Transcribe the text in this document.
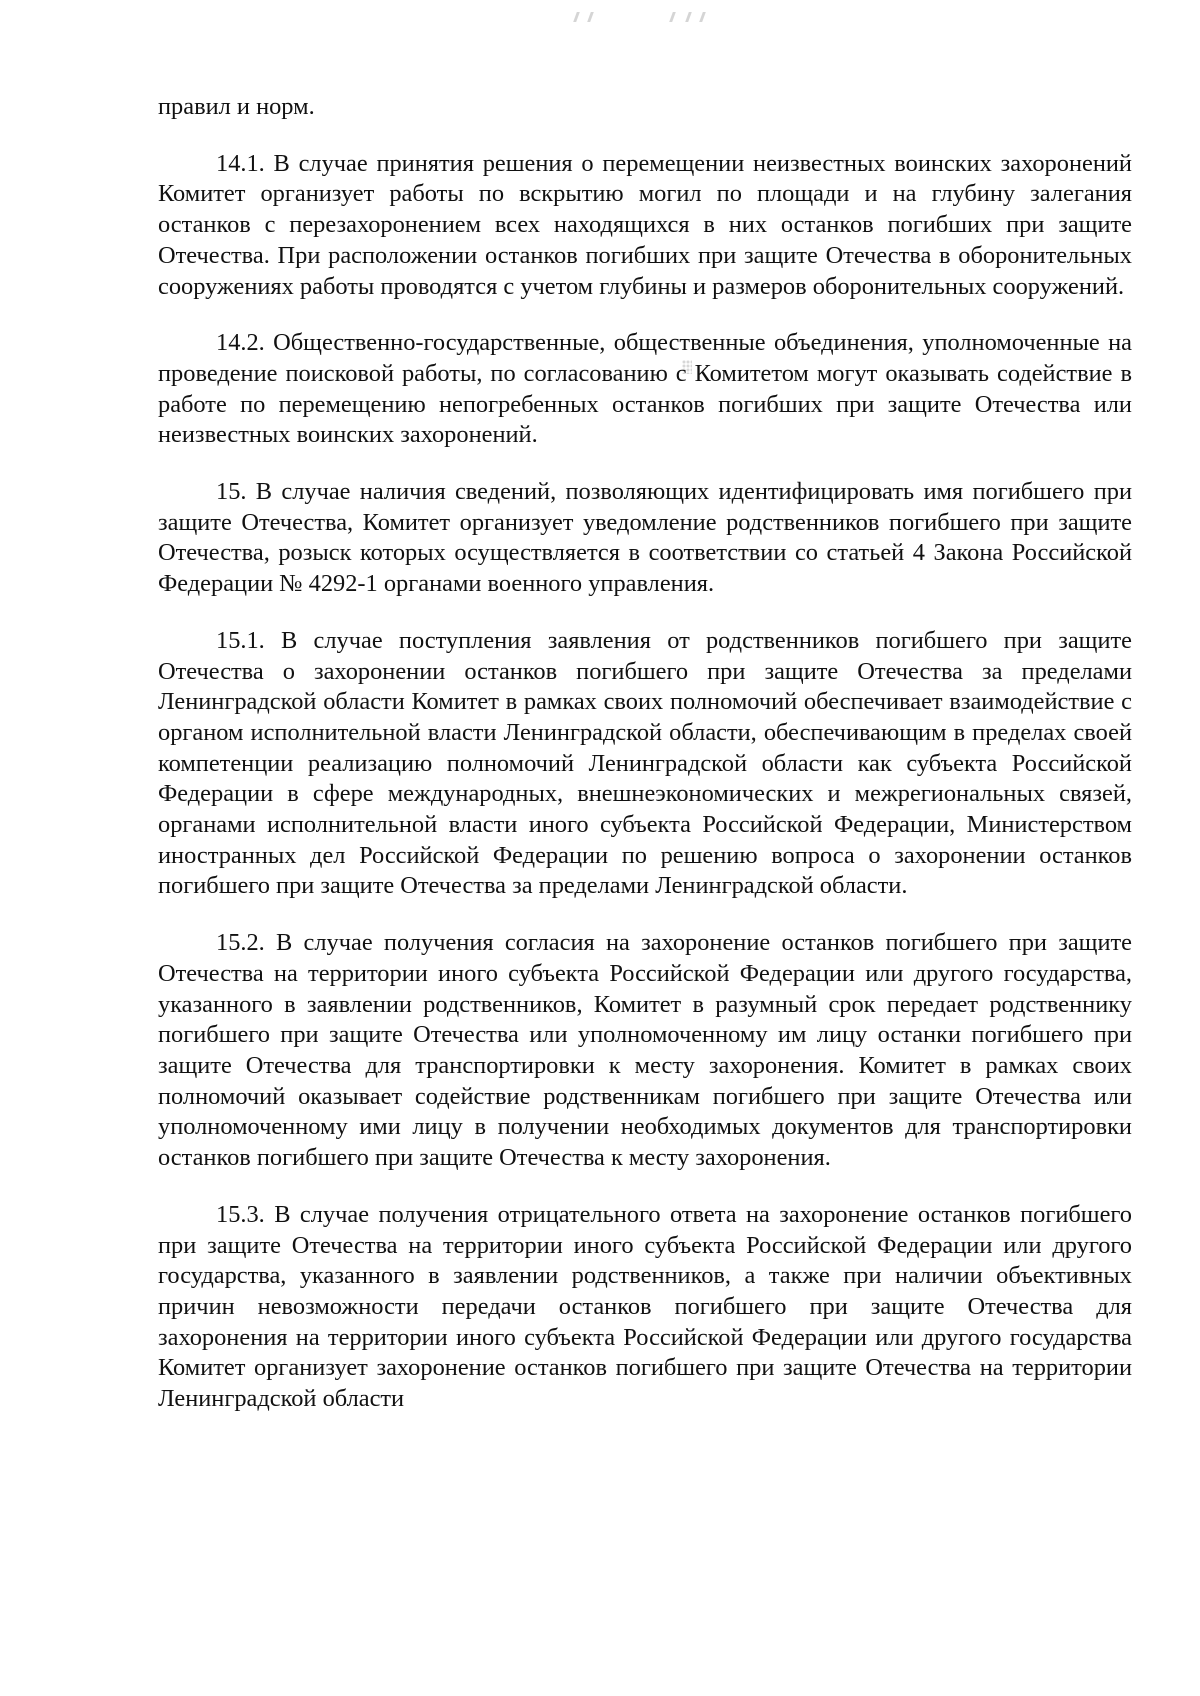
правил и норм.

14.1. В случае принятия решения о перемещении неизвестных воинских захоронений Комитет организует работы по вскрытию могил по площади и на глубину залегания останков с перезахоронением всех находящихся в них останков погибших при защите Отечества. При расположении останков погибших при защите Отечества в оборонительных сооружениях работы проводятся с учетом глубины и размеров оборонительных сооружений.

14.2. Общественно-государственные, общественные объединения, уполномоченные на проведение поисковой работы, по согласованию с Комитетом могут оказывать содействие в работе по перемещению непогребенных останков погибших при защите Отечества или неизвестных воинских захоронений.

15. В случае наличия сведений, позволяющих идентифицировать имя погибшего при защите Отечества, Комитет организует уведомление родственников погибшего при защите Отечества, розыск которых осуществляется в соответствии со статьей 4 Закона Российской Федерации № 4292-1 органами военного управления.

15.1. В случае поступления заявления от родственников погибшего при защите Отечества о захоронении останков погибшего при защите Отечества за пределами Ленинградской области Комитет в рамках своих полномочий обеспечивает взаимодействие с органом исполнительной власти Ленинградской области, обеспечивающим в пределах своей компетенции реализацию полномочий Ленинградской области как субъекта Российской Федерации в сфере международных, внешнеэкономических и межрегиональных связей, органами исполнительной власти иного субъекта Российской Федерации, Министерством иностранных дел Российской Федерации по решению вопроса о захоронении останков погибшего при защите Отечества за пределами Ленинградской области.

15.2. В случае получения согласия на захоронение останков погибшего при защите Отечества на территории иного субъекта Российской Федерации или другого государства, указанного в заявлении родственников, Комитет в разумный срок передает родственнику погибшего при защите Отечества или уполномоченному им лицу останки погибшего при защите Отечества для транспортировки к месту захоронения. Комитет в рамках своих полномочий оказывает содействие родственникам погибшего при защите Отечества или уполномоченному ими лицу в получении необходимых документов для транспортировки останков погибшего при защите Отечества к месту захоронения.

15.3. В случае получения отрицательного ответа на захоронение останков погибшего при защите Отечества на территории иного субъекта Российской Федерации или другого государства, указанного в заявлении родственников, а также при наличии объективных причин невозможности передачи останков погибшего при защите Отечества для захоронения на территории иного субъекта Российской Федерации или другого государства Комитет организует захоронение останков погибшего при защите Отечества на территории Ленинградской области
